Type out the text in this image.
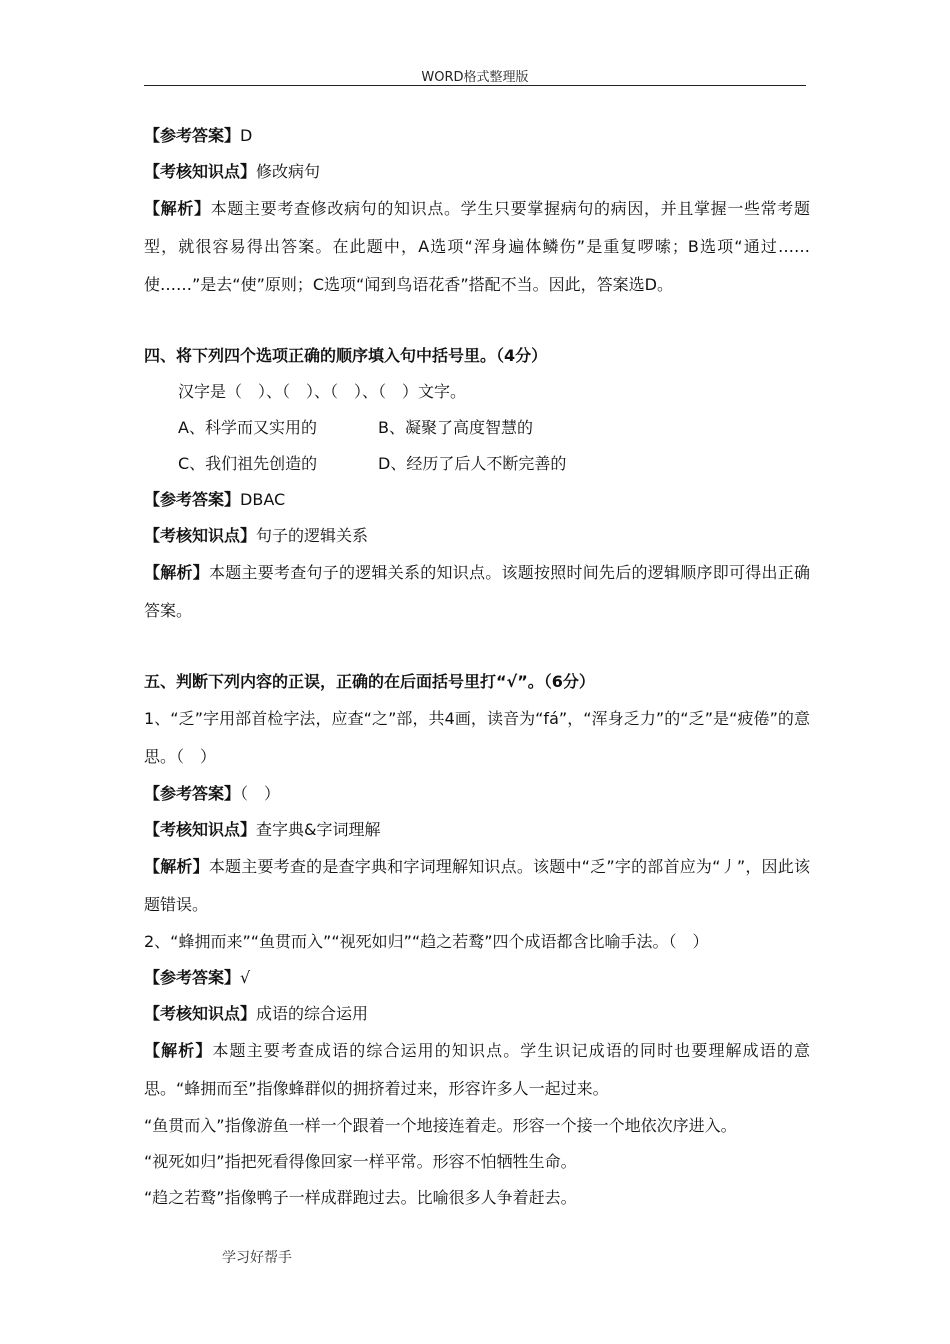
WORD格式整理版
【参考答案】D
【考核知识点】修改病句
【解析】本题主要考查修改病句的知识点。学生只要掌握病句的病因，并且掌握一些常考题型，就很容易得出答案。在此题中，A选项“浑身遍体鳞伤”是重复啰嗦；B选项“通过……使……”是去“使”原则；C选项“闻到鸟语花香”搭配不当。因此，答案选D。
四、将下列四个选项正确的顺序填入句中括号里。（4分）
汉字是（　）、（　）、（　）、（　）文字。
A、科学而又实用的	B、凝聚了高度智慧的
C、我们祖先创造的	D、经历了后人不断完善的
【参考答案】DBAC
【考核知识点】句子的逻辑关系
【解析】本题主要考查句子的逻辑关系的知识点。该题按照时间先后的逻辑顺序即可得出正确答案。
五、判断下列内容的正误，正确的在后面括号里打“√”。（6分）
1、“乏”字用部首检字法，应查“之”部，共4画，读音为“fá”，“浑身乏力”的“乏”是“疲倦”的意思。（　）
【参考答案】（　）
【考核知识点】查字典&字词理解
【解析】本题主要考查的是查字典和字词理解知识点。该题中“乏”字的部首应为“丿”，因此该题错误。
2、“蜂拥而来”“鱼贯而入”“视死如归”“趋之若鹜”四个成语都含比喻手法。（　）
【参考答案】√
【考核知识点】成语的综合运用
【解析】本题主要考查成语的综合运用的知识点。学生识记成语的同时也要理解成语的意思。“蜂拥而至”指像蜂群似的拥挤着过来，形容许多人一起过来。
“鱼贯而入”指像游鱼一样一个跟着一个地接连着走。形容一个接一个地依次序进入。
“视死如归”指把死看得像回家一样平常。形容不怕牺牲生命。
“趋之若鹜”指像鸭子一样成群跑过去。比喻很多人争着赶去。
学习好帮手
